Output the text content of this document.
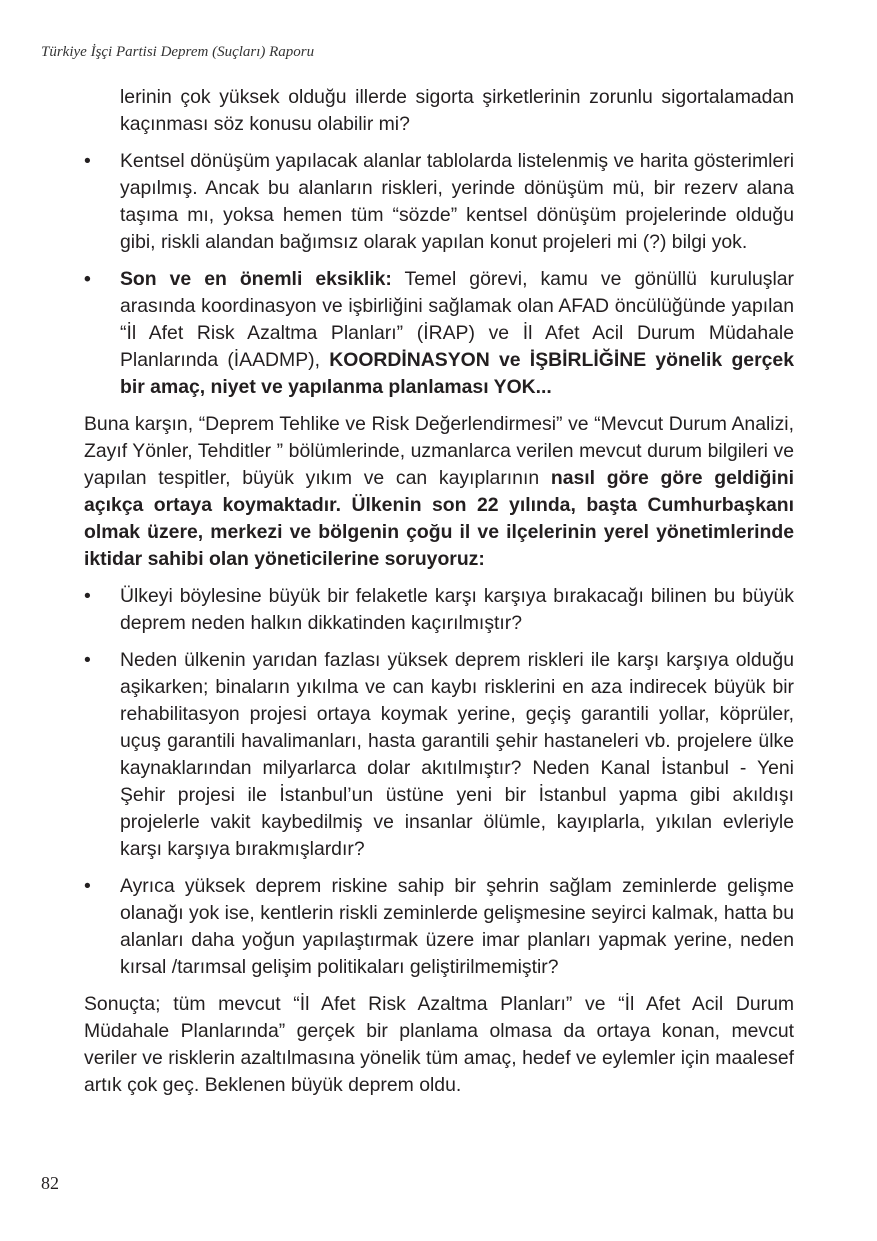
Türkiye İşçi Partisi Deprem (Suçları) Raporu

lerinin çok yüksek olduğu illerde sigorta şirketlerinin zorunlu sigortalamadan kaçınması söz konusu olabilir mi?

• Kentsel dönüşüm yapılacak alanlar tablolarda listelenmiş ve harita gösterimleri yapılmış. Ancak bu alanların riskleri, yerinde dönüşüm mü, bir rezerv alana taşıma mı, yoksa hemen tüm “sözde” kentsel dönüşüm projelerinde olduğu gibi, riskli alandan bağımsız olarak yapılan konut projeleri mi (?) bilgi yok.

• Son ve en önemli eksiklik: Temel görevi, kamu ve gönüllü kuruluşlar arasında koordinasyon ve işbirliğini sağlamak olan AFAD öncülüğünde yapılan “İl Afet Risk Azaltma Planları” (İRAP) ve İl Afet Acil Durum Müdahale Planlarında (İAADMP), KOORDİNASYON ve İŞBİRLİĞİNE yönelik gerçek bir amaç, niyet ve yapılanma planlaması YOK...

Buna karşın, “Deprem Tehlike ve Risk Değerlendirmesi” ve “Mevcut Durum Analizi, Zayıf Yönler, Tehditler ” bölümlerinde, uzmanlarca verilen mevcut durum bilgileri ve yapılan tespitler, büyük yıkım ve can kayıplarının nasıl göre göre geldiğini açıkça ortaya koymaktadır. Ülkenin son 22 yılında, başta Cumhurbaşkanı olmak üzere, merkezi ve bölgenin çoğu il ve ilçelerinin yerel yönetimlerinde iktidar sahibi olan yöneticilerine soruyoruz:

• Ülkeyi böylesine büyük bir felaketle karşı karşıya bırakacağı bilinen bu büyük deprem neden halkın dikkatinden kaçırılmıştır?

• Neden ülkenin yarıdan fazlası yüksek deprem riskleri ile karşı karşıya olduğu aşikarken; binaların yıkılma ve can kaybı risklerini en aza indirecek büyük bir rehabilitasyon projesi ortaya koymak yerine, geçiş garantili yollar, köprüler, uçuş garantili havalimanları, hasta garantili şehir hastaneleri vb. projelere ülke kaynaklarından milyarlarca dolar akıtılmıştır? Neden Kanal İstanbul - Yeni Şehir projesi ile İstanbul’un üstüne yeni bir İstanbul yapma gibi akıldışı projelerle vakit kaybedilmiş ve insanlar ölümle, kayıplarla, yıkılan evleriyle karşı karşıya bırakmışlardır?

• Ayrıca yüksek deprem riskine sahip bir şehrin sağlam zeminlerde gelişme olanağı yok ise, kentlerin riskli zeminlerde gelişmesine seyirci kalmak, hatta bu alanları daha yoğun yapılaştırmak üzere imar planları yapmak yerine, neden kırsal /tarımsal gelişim politikaları geliştirilmemiştir?

Sonuçta; tüm mevcut “İl Afet Risk Azaltma Planları” ve “İl Afet Acil Durum Müdahale Planlarında” gerçek bir planlama olmasa da ortaya konan, mevcut veriler ve risklerin azaltılmasına yönelik tüm amaç, hedef ve eylemler için maalesef artık çok geç. Beklenen büyük deprem oldu.

82
